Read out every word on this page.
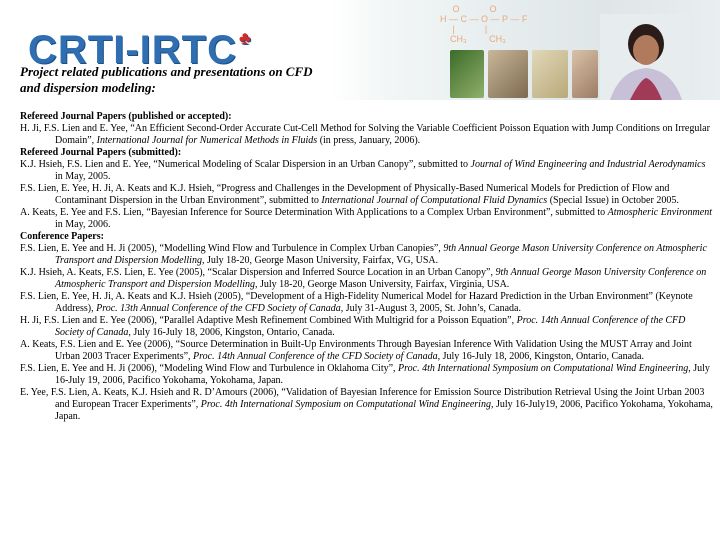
O            O
H — C — O — P — F
|            |
CH₃         CH₃
CRTI-IRTC ♣
Project related publications and presentations on CFD
and dispersion modeling:
Refereed Journal Papers (published or accepted):
H. Ji, F.S. Lien and E. Yee, “An Efficient Second-Order Accurate Cut-Cell Method for Solving the Variable Coefficient Poisson Equation with Jump Conditions on Irregular Domain”, International Journal for Numerical Methods in Fluids (in press, January, 2006).
Refereed Journal Papers (submitted):
K.J. Hsieh, F.S. Lien and E. Yee, “Numerical Modeling of Scalar Dispersion in an Urban Canopy”, submitted to Journal of Wind Engineering and Industrial Aerodynamics in May, 2005.
F.S. Lien, E. Yee, H. Ji, A. Keats and K.J. Hsieh, “Progress and Challenges in the Development of Physically-Based Numerical Models for Prediction of Flow and Contaminant Dispersion in the Urban Environment”, submitted to International Journal of Computational Fluid Dynamics (Special Issue) in October 2005.
A. Keats, E. Yee and F.S. Lien, “Bayesian Inference for Source Determination With Applications to a Complex Urban Environment”, submitted to Atmospheric Environment in May, 2006.
Conference Papers:
F.S. Lien, E. Yee and H. Ji (2005), “Modelling Wind Flow and Turbulence in Complex Urban Canopies”, 9th Annual George Mason University Conference on Atmospheric Transport and Dispersion Modelling, July 18-20, George Mason University, Fairfax, VG, USA.
K.J. Hsieh, A. Keats, F.S. Lien, E. Yee (2005), “Scalar Dispersion and Inferred Source Location in an Urban Canopy”, 9th Annual George Mason University Conference on Atmospheric Transport and Dispersion Modelling, July 18-20, George Mason University, Fairfax, Virginia, USA.
F.S. Lien, E. Yee, H. Ji, A. Keats and K.J. Hsieh (2005), “Development of a High-Fidelity Numerical Model for Hazard Prediction in the Urban Environment” (Keynote Address), Proc. 13th Annual Conference of the CFD Society of Canada, July 31-August 3, 2005, St. John’s, Canada.
H. Ji, F.S. Lien and E. Yee (2006), “Parallel Adaptive Mesh Refinement Combined With Multigrid for a Poisson Equation”, Proc. 14th Annual Conference of the CFD Society of Canada, July 16-July 18, 2006, Kingston, Ontario, Canada.
A. Keats, F.S. Lien and E. Yee (2006), “Source Determination in Built-Up Environments Through Bayesian Inference With Validation Using the MUST Array and Joint Urban 2003 Tracer Experiments”, Proc. 14th Annual Conference of the CFD Society of Canada, July 16-July 18, 2006, Kingston, Ontario, Canada.
F.S. Lien, E. Yee and H. Ji (2006), “Modeling Wind Flow and Turbulence in Oklahoma City”, Proc. 4th International Symposium on Computational Wind Engineering, July 16-July 19, 2006, Pacifico Yokohama, Yokohama, Japan.
E. Yee, F.S. Lien, A. Keats, K.J. Hsieh and R. D’Amours (2006), “Validation of Bayesian Inference for Emission Source Distribution Retrieval Using the Joint Urban 2003 and European Tracer Experiments”, Proc. 4th International Symposium on Computational Wind Engineering, July 16-July19, 2006, Pacifico Yokohama, Yokohama, Japan.
